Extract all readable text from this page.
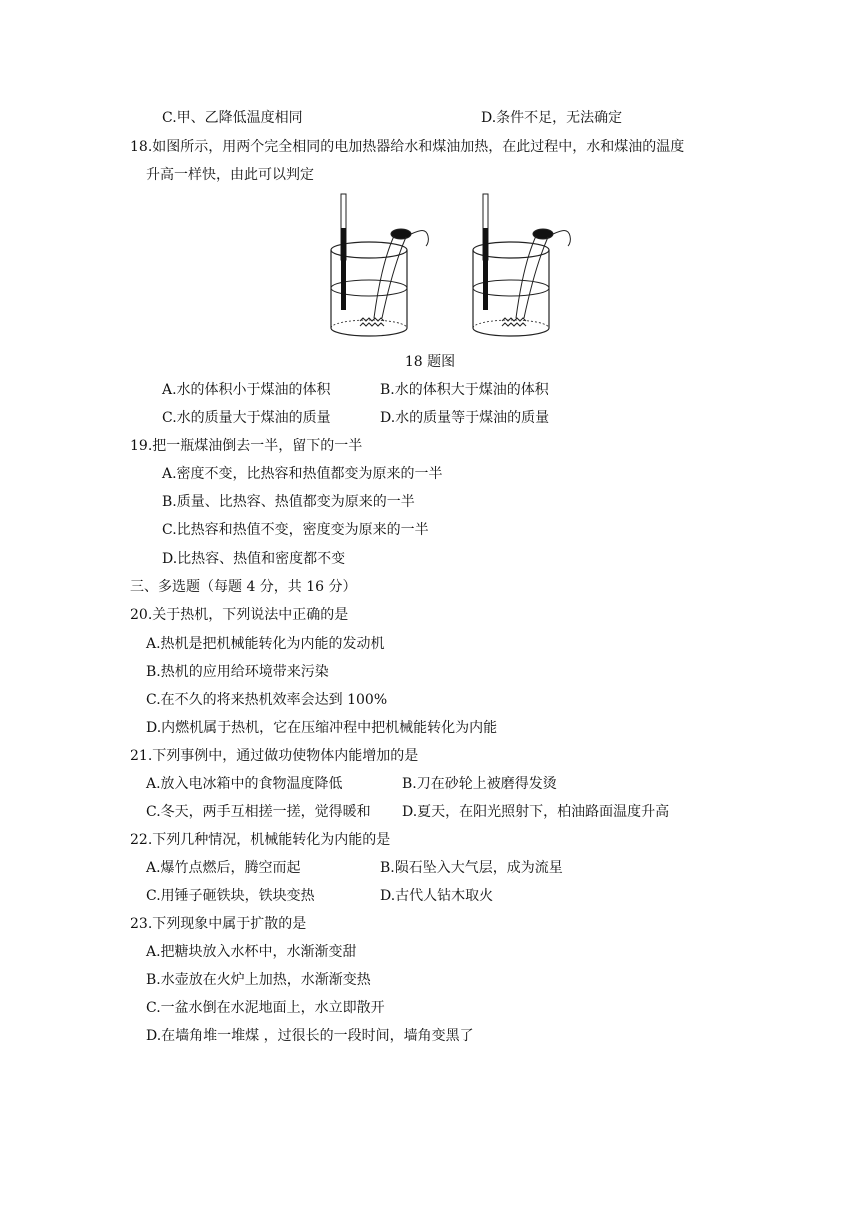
C.甲、乙降低温度相同	D.条件不足，无法确定
18.如图所示，用两个完全相同的电加热器给水和煤油加热，在此过程中，水和煤油的温度
升高一样快，由此可以判定
18 题图
A.水的体积小于煤油的体积	B.水的体积大于煤油的体积
C.水的质量大于煤油的质量	D.水的质量等于煤油的质量
19.把一瓶煤油倒去一半，留下的一半
A.密度不变，比热容和热值都变为原来的一半
B.质量、比热容、热值都变为原来的一半
C.比热容和热值不变，密度变为原来的一半
D.比热容、热值和密度都不变
三、多选题（每题 4 分，共 16 分）
20.关于热机，下列说法中正确的是
A.热机是把机械能转化为内能的发动机
B.热机的应用给环境带来污染
C.在不久的将来热机效率会达到 100%
D.内燃机属于热机，它在压缩冲程中把机械能转化为内能
21.下列事例中，通过做功使物体内能增加的是
A.放入电冰箱中的食物温度降低	B.刀在砂轮上被磨得发烫
C.冬天，两手互相搓一搓，觉得暖和 D.夏天，在阳光照射下，柏油路面温度升高
22.下列几种情况，机械能转化为内能的是
A.爆竹点燃后，腾空而起	B.陨石坠入大气层，成为流星
C.用锤子砸铁块，铁块变热	D.古代人钻木取火
23.下列现象中属于扩散的是
A.把糖块放入水杯中，水渐渐变甜
B.水壶放在火炉上加热，水渐渐变热
C.一盆水倒在水泥地面上，水立即散开
D.在墙角堆一堆煤 ，过很长的一段时间，墙角变黑了
